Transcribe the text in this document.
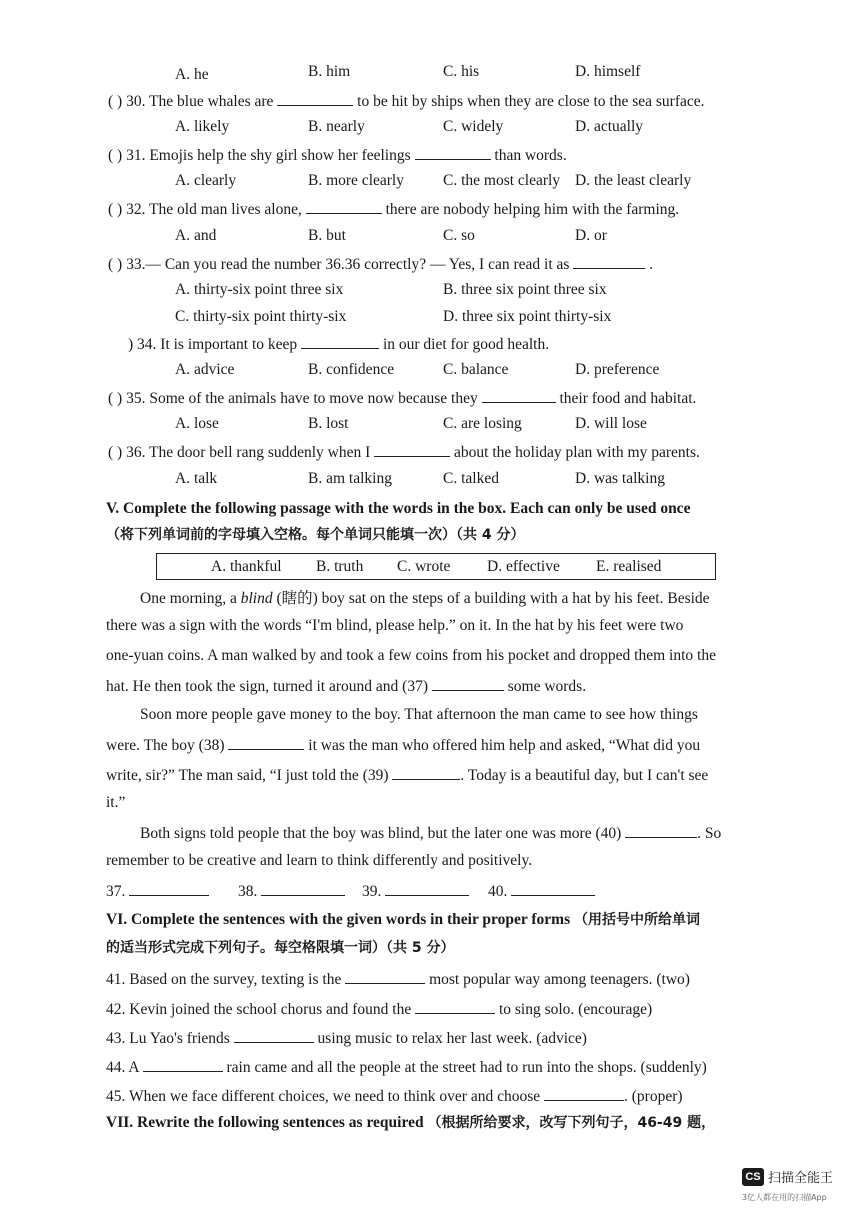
A. he	B. him	C. his	D. himself
( ) 30. The blue whales are	to be hit by ships when they are close to the sea surface.
A. likely	B. nearly	C. widely	D. actually
( ) 31. Emojis help the shy girl show her feelings	than words.
A. clearly	B. more clearly	C. the most clearly D. the least clearly
( ) 32. The old man lives alone,	there are nobody helping him with the farming.
A. and	B. but	C. so	D. or
( ) 33.— Can you read the number 36.36 correctly? — Yes, I can read it as	.
A. thirty-six point three six	B. three six point three six
C. thirty-six point thirty-six	D. three six point thirty-six
) 34. It is important to keep	in our diet for good health.
A. advice	B. confidence	C. balance	D. preference
( ) 35. Some of the animals have to move now because they	their food and habitat.
A. lose	B. lost	C. are losing	D. will lose
( ) 36. The door bell rang suddenly when I	about the holiday plan with my parents.
A. talk	B. am talking	C. talked	D. was talking
V. Complete the following passage with the words in the box. Each can only be used once
（将下列单词前的字母填入空格。每个单词只能填一次）（共 4 分）
A. thankful B. truth C. wrote D. effective E. realised
One morning, a blind (瞎的) boy sat on the steps of a building with a hat by his feet. Beside
there was a sign with the words “I'm blind, please help.” on it. In the hat by his feet were two
one-yuan coins. A man walked by and took a few coins from his pocket and dropped them into the
hat. He then took the sign, turned it around and (37)	some words.
Soon more people gave money to the boy. That afternoon the man came to see how things
were. The boy (38)	it was the man who offered him help and asked, “What did you
write, sir?” The man said, “I just told the (39)	. Today is a beautiful day, but I can't see
it.”
Both signs told people that the boy was blind, but the later one was more (40)	. So
remember to be creative and learn to think differently and positively.
37.	38.	39.	40.
VI. Complete the sentences with the given words in their proper forms （用括号中所给单词
的适当形式完成下列句子。每空格限填一词）（共 5 分）
41. Based on the survey, texting is the	most popular way among teenagers. (two)
42. Kevin joined the school chorus and found the	to sing solo. (encourage)
43. Lu Yao's friends	using music to relax her last week. (advice)
44. A	rain came and all the people at the street had to run into the shops. (suddenly)
45. When we face different choices, we need to think over and choose	. (proper)
VII. Rewrite the following sentences as required （根据所给要求，改写下列句子，46-49 题，
CS 扫描全能王
3亿人都在用的扫描App
